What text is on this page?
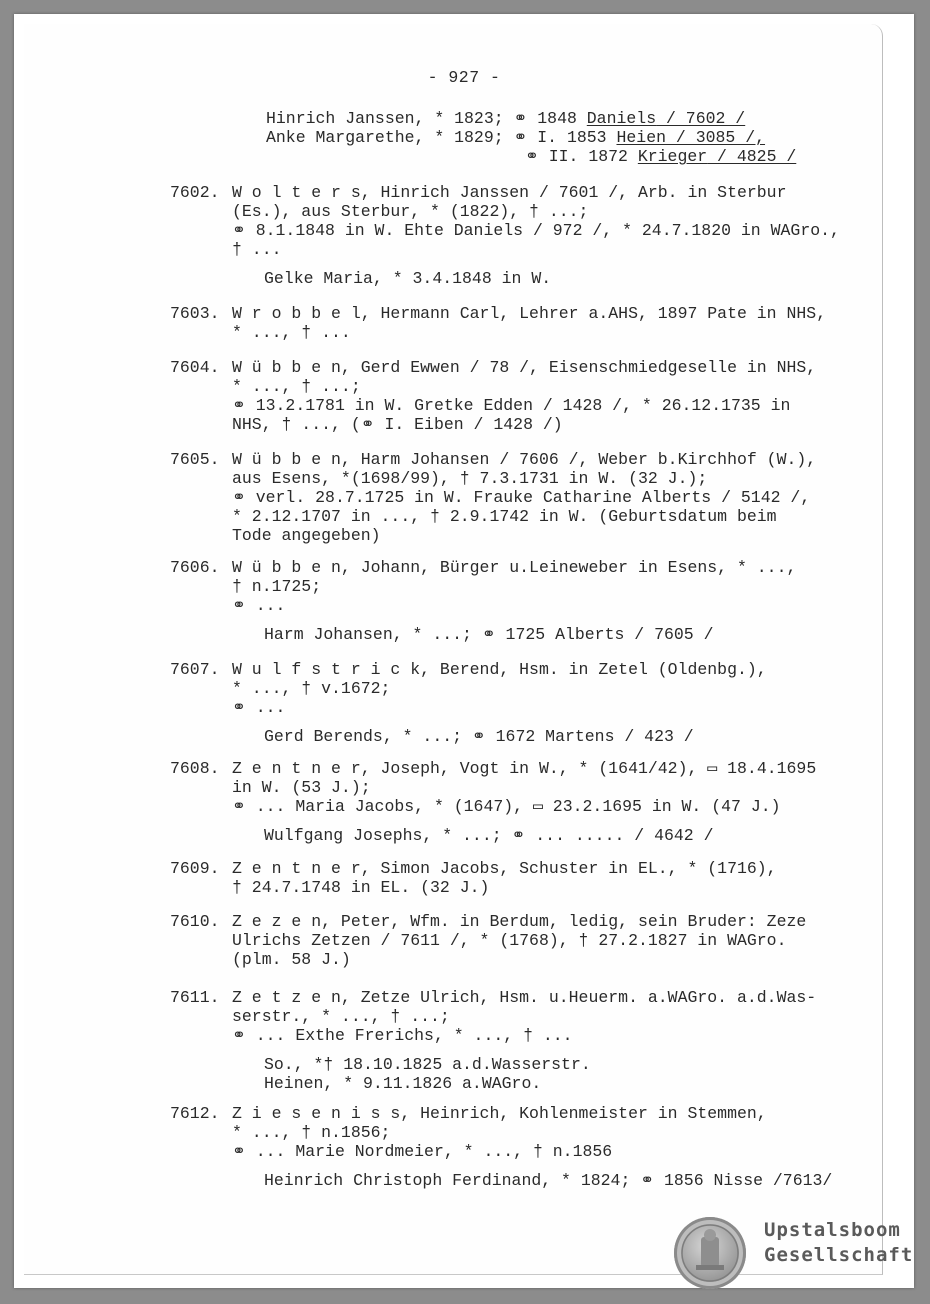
- 927 -
Hinrich Janssen, * 1823; ⚭ 1848 Daniels / 7602 /
Anke Margarethe, * 1829; ⚭ I. 1853 Heien / 3085 /,
⚭ II. 1872 Krieger / 4825 /
7602. W o l t e r s, Hinrich Janssen / 7601 /, Arb. in Sterbur
(Es.), aus Sterbur, * (1822), † ...;
⚭ 8.1.1848 in W. Ehte Daniels / 972 /, * 24.7.1820 in WAGro.,
† ...
Gelke Maria, * 3.4.1848 in W.
7603. W r o b b e l, Hermann Carl, Lehrer a.AHS, 1897 Pate in NHS,
* ..., † ...
7604. W ü b b e n, Gerd Ewwen / 78 /, Eisenschmiedgeselle in NHS,
* ..., † ...;
⚭ 13.2.1781 in W. Gretke Edden / 1428 /, * 26.12.1735 in
NHS, † ..., (⚭ I. Eiben / 1428 /)
7605. W ü b b e n, Harm Johansen / 7606 /, Weber b.Kirchhof (W.),
aus Esens, *(1698/99), † 7.3.1731 in W. (32 J.);
⚭ verl. 28.7.1725 in W. Frauke Catharine Alberts / 5142 /,
* 2.12.1707 in ..., † 2.9.1742 in W. (Geburtsdatum beim
Tode angegeben)
7606. W ü b b e n, Johann, Bürger u.Leineweber in Esens, * ...,
† n.1725;
⚭ ...
Harm Johansen, * ...; ⚭ 1725 Alberts / 7605 /
7607. W u l f s t r i c k, Berend, Hsm. in Zetel (Oldenbg.),
* ..., † v.1672;
⚭ ...
Gerd Berends, * ...; ⚭ 1672 Martens / 423 /
7608. Z e n t n e r, Joseph, Vogt in W., * (1641/42), ▭ 18.4.1695
in W. (53 J.);
⚭ ... Maria Jacobs, * (1647), ▭ 23.2.1695 in W. (47 J.)
Wulfgang Josephs, * ...; ⚭ ... ..... / 4642 /
7609. Z e n t n e r, Simon Jacobs, Schuster in EL., * (1716),
† 24.7.1748 in EL. (32 J.)
7610. Z e z e n, Peter, Wfm. in Berdum, ledig, sein Bruder: Zeze
Ulrichs Zetzen / 7611 /, * (1768), † 27.2.1827 in WAGro.
(plm. 58 J.)
7611. Z e t z e n, Zetze Ulrich, Hsm. u.Heuerm. a.WAGro. a.d.Was-
serstr., * ..., † ...;
⚭ ... Exthe Frerichs, * ..., † ...
So., *† 18.10.1825 a.d.Wasserstr.
Heinen, * 9.11.1826 a.WAGro.
7612. Z i e s e n i s s, Heinrich, Kohlenmeister in Stemmen,
* ..., † n.1856;
⚭ ... Marie Nordmeier, * ..., † n.1856
Heinrich Christoph Ferdinand, * 1824; ⚭ 1856 Nisse /7613/
Upstalsboom
Gesellschaft
